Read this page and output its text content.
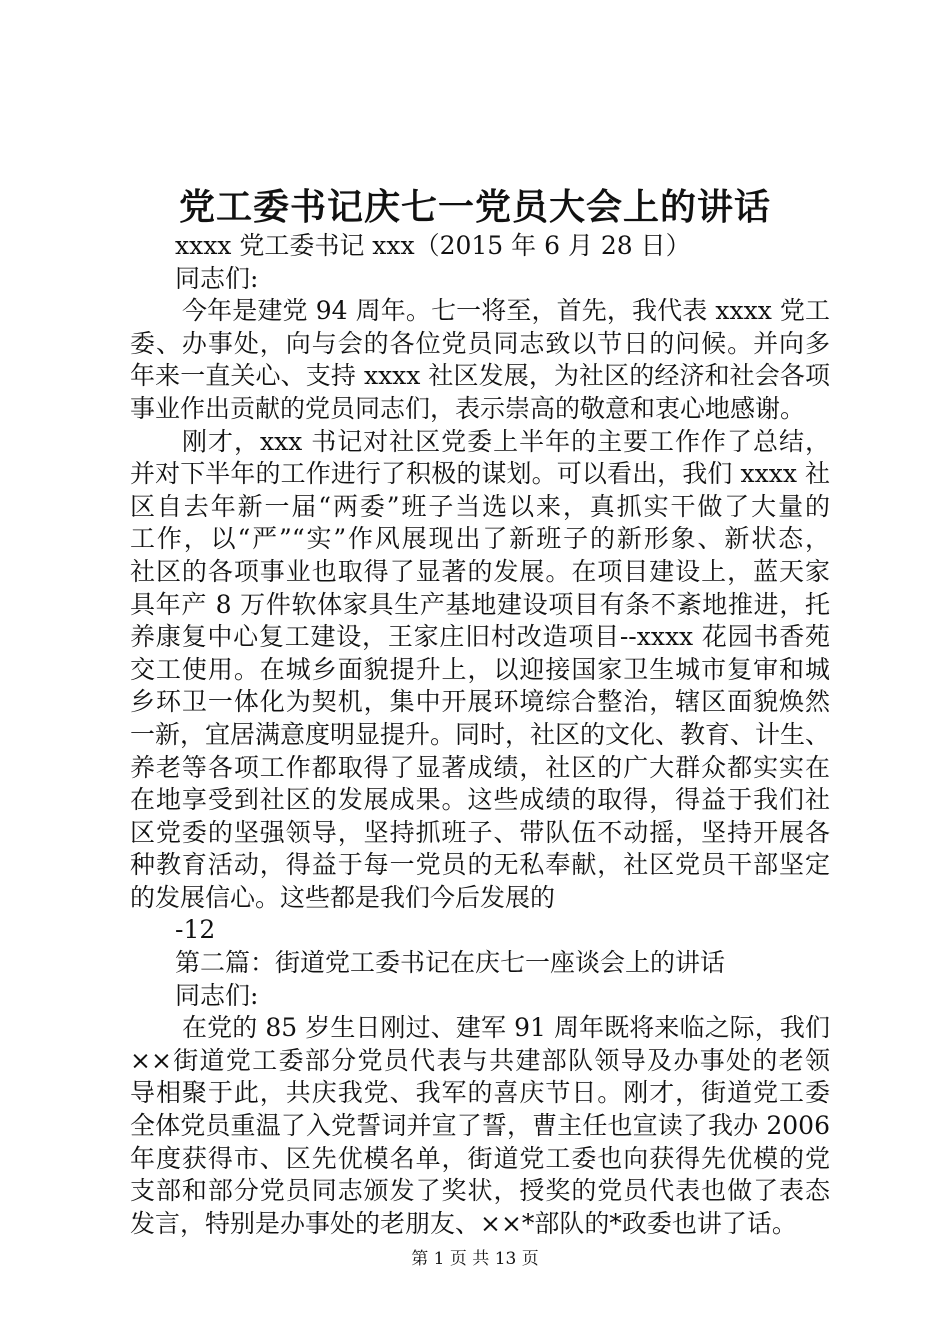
党工委书记庆七一党员大会上的讲话
xxxx 党工委书记 xxx（2015 年 6 月 28 日）
同志们:
今年是建党 94 周年。七一将至，首先，我代表 xxxx 党工
委、办事处，向与会的各位党员同志致以节日的问候。并向多
年来一直关心、支持 xxxx 社区发展，为社区的经济和社会各项
事业作出贡献的党员同志们，表示崇高的敬意和衷心地感谢。
刚才，xxx 书记对社区党委上半年的主要工作作了总结，
并对下半年的工作进行了积极的谋划。可以看出，我们 xxxx 社
区自去年新一届“两委”班子当选以来，真抓实干做了大量的
工作，以“严”“实”作风展现出了新班子的新形象、新状态，
社区的各项事业也取得了显著的发展。在项目建设上，蓝天家
具年产 8 万件软体家具生产基地建设项目有条不紊地推进，托
养康复中心复工建设，王家庄旧村改造项目--xxxx 花园书香苑
交工使用。在城乡面貌提升上，以迎接国家卫生城市复审和城
乡环卫一体化为契机，集中开展环境综合整治，辖区面貌焕然
一新，宜居满意度明显提升。同时，社区的文化、教育、计生、
养老等各项工作都取得了显著成绩，社区的广大群众都实实在
在地享受到社区的发展成果。这些成绩的取得，得益于我们社
区党委的坚强领导，坚持抓班子、带队伍不动摇，坚持开展各
种教育活动，得益于每一党员的无私奉献，社区党员干部坚定
的发展信心。这些都是我们今后发展的
-12
第二篇：街道党工委书记在庆七一座谈会上的讲话
同志们:
在党的 85 岁生日刚过、建军 91 周年既将来临之际，我们
××街道党工委部分党员代表与共建部队领导及办事处的老领
导相聚于此，共庆我党、我军的喜庆节日。刚才，街道党工委
全体党员重温了入党誓词并宣了誓，曹主任也宣读了我办 2006
年度获得市、区先优模名单，街道党工委也向获得先优模的党
支部和部分党员同志颁发了奖状，授奖的党员代表也做了表态
发言，特别是办事处的老朋友、××*部队的*政委也讲了话。
第 1 页 共 13 页
